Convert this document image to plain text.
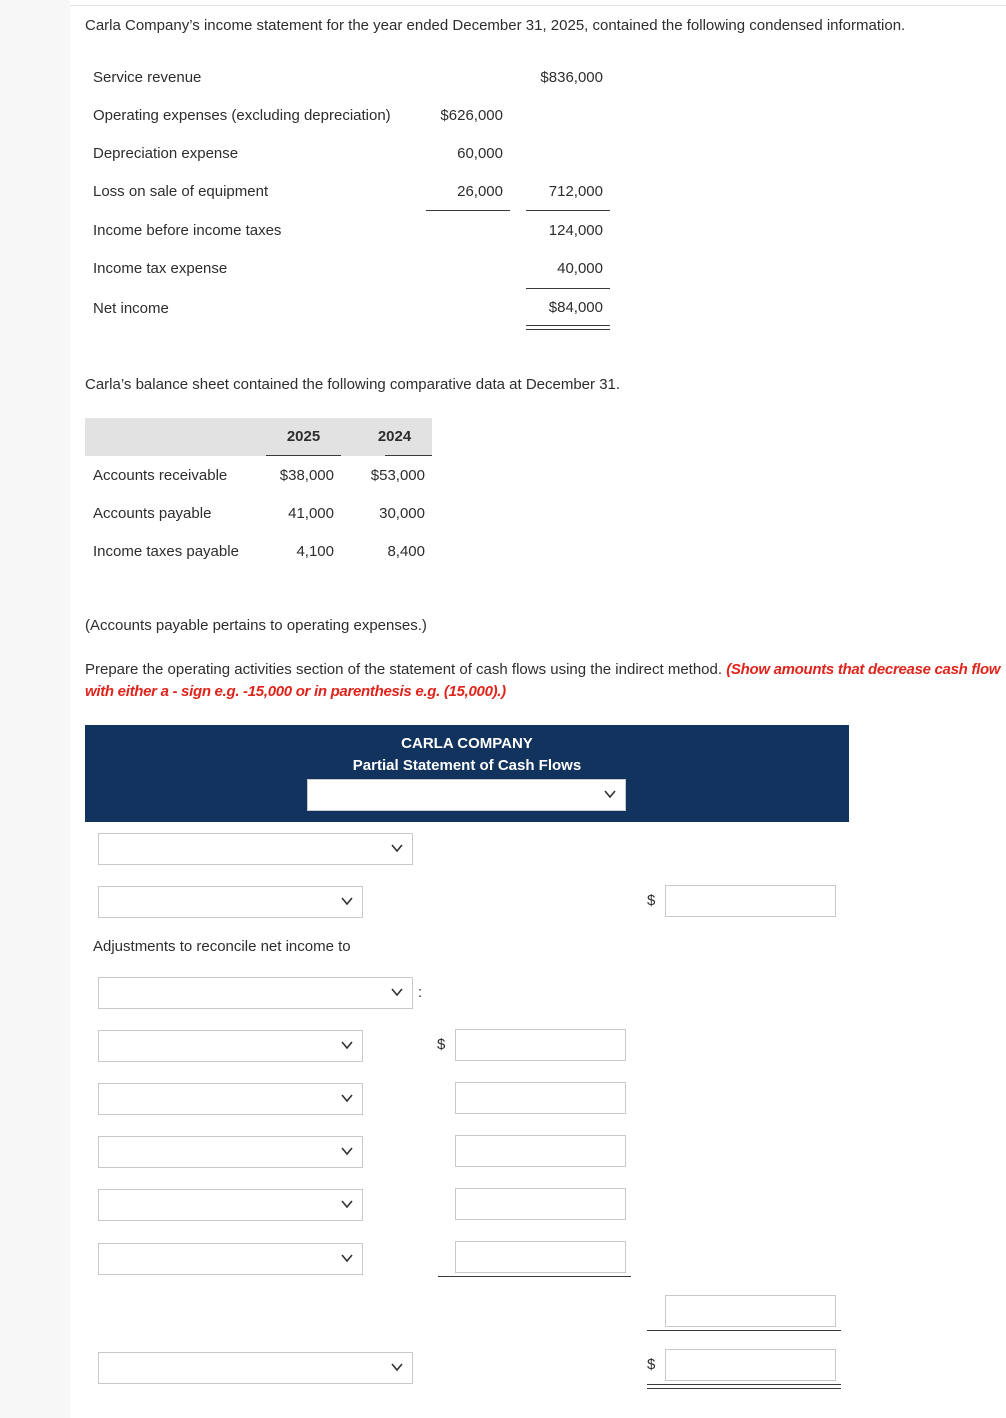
Carla Company’s income statement for the year ended December 31, 2025, contained the following condensed information.
Service revenue	$836,000
Operating expenses (excluding depreciation)	$626,000
Depreciation expense	60,000
Loss on sale of equipment	26,000	712,000
Income before income taxes	124,000
Income tax expense	40,000
Net income	$84,000
Carla’s balance sheet contained the following comparative data at December 31.
2025	2024
Accounts receivable	$38,000	$53,000
Accounts payable	41,000	30,000
Income taxes payable	4,100	8,400
(Accounts payable pertains to operating expenses.)
Prepare the operating activities section of the statement of cash flows using the indirect method. (Show amounts that decrease cash flow
with either a - sign e.g. -15,000 or in parenthesis e.g. (15,000).)
CARLA COMPANY
Partial Statement of Cash Flows
$
Adjustments to reconcile net income to
:
$
$
